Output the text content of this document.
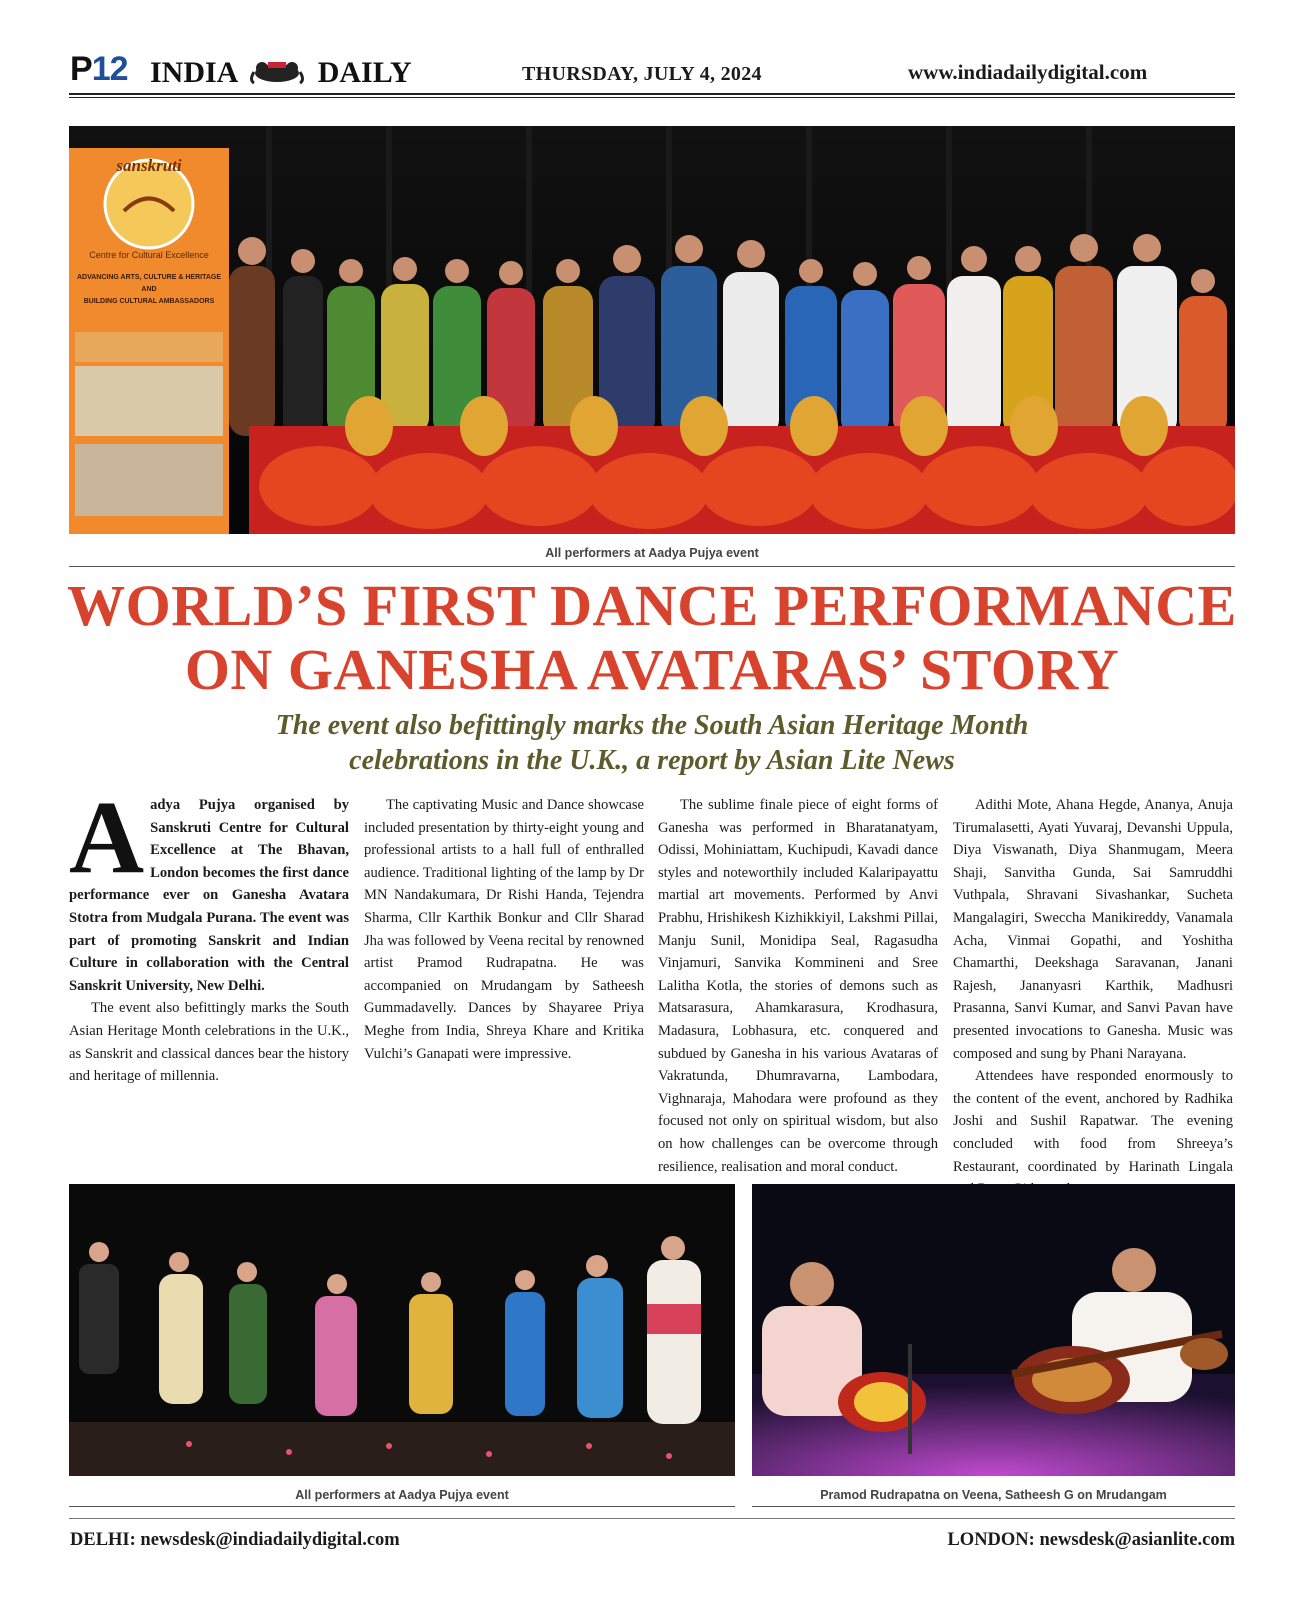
P12 INDIA	DAILY	THURSDAY, JULY 4, 2024	www.indiadailydigital.com
sanskruti
Centre for Cultural Excellence
ADVANCING ARTS, CULTURE & HERITAGE
AND
BUILDING CULTURAL AMBASSADORS
All performers at Aadya Pujya event
WORLD’S FIRST DANCE PERFORMANCE
ON GANESHA AVATARAS’ STORY
The event also befittingly marks the South Asian Heritage Month
celebrations in the U.K., a report by Asian Lite News

Aadya Pujya organised by Sanskruti Centre for Cultural Excellence at The Bhavan, London becomes the first dance performance ever on Ganesha Avatara Stotra from Mudgala Purana. The event was part of promoting Sanskrit and Indian Culture in collaboration with the Central Sanskrit University, New Delhi.

The event also befittingly marks the South Asian Heritage Month celebrations in the U.K., as Sanskrit and classical dances bear the history and heritage of millennia.

The captivating Music and Dance showcase included presentation by thirty-eight young and professional artists to a hall full of enthralled audience. Traditional lighting of the lamp by Dr MN Nandakumara, Dr Rishi Handa, Tejendra Sharma, Cllr Karthik Bonkur and Cllr Sharad Jha was followed by Veena recital by renowned artist Pramod Rudrapatna. He was accompanied on Mrudangam by Satheesh Gummadavelly. Dances by Shayaree Priya Meghe from India, Shreya Khare and Kritika Vulchi’s Ganapati were impressive.

The sublime finale piece of eight forms of Ganesha was performed in Bharatanatyam, Odissi, Mohiniattam, Kuchipudi, Kavadi dance styles and noteworthily included Kalaripayattu martial art movements. Performed by Anvi Prabhu, Hrishikesh Kizhikkiyil, Lakshmi Pillai, Manju Sunil, Monidipa Seal, Ragasudha Vinjamuri, Sanvika Kommineni and Sree Lalitha Kotla, the stories of demons such as Matsarasura, Ahamkarasura, Krodhasura, Madasura, Lobhasura, etc. conquered and subdued by Ganesha in his various Avataras of Vakratunda, Dhumravarna, Lambodara, Vighnaraja, Mahodara were profound as they focused not only on spiritual wisdom, but also on how challenges can be overcome through resilience, realisation and moral conduct.

Adithi Mote, Ahana Hegde, Ananya, Anuja Tirumalasetti, Ayati Yuvaraj, Devanshi Uppula, Diya Viswanath, Diya Shanmugam, Meera Shaji, Sanvitha Gunda, Sai Samruddhi Vuthpala, Shravani Sivashankar, Sucheta Mangalagiri, Sweccha Manikireddy, Vanamala Acha, Vinmai Gopathi, and Yoshitha Chamarthi, Deekshaga Saravanan, Janani Rajesh, Jananyasri Karthik, Madhusri Prasanna, Sanvi Kumar, and Sanvi Pavan have presented invocations to Ganesha. Music was composed and sung by Phani Narayana.

Attendees have responded enormously to the content of the event, anchored by Radhika Joshi and Sushil Rapatwar. The evening concluded with food from Shreeya’s Restaurant, coordinated by Harinath Lingala

All performers at Aadya Pujya event	Pramod Rudrapatna on Veena, Satheesh G on Mrudangam
DELHI: newsdesk@indiadailydigital.com	LONDON: newsdesk@asianlite.com
